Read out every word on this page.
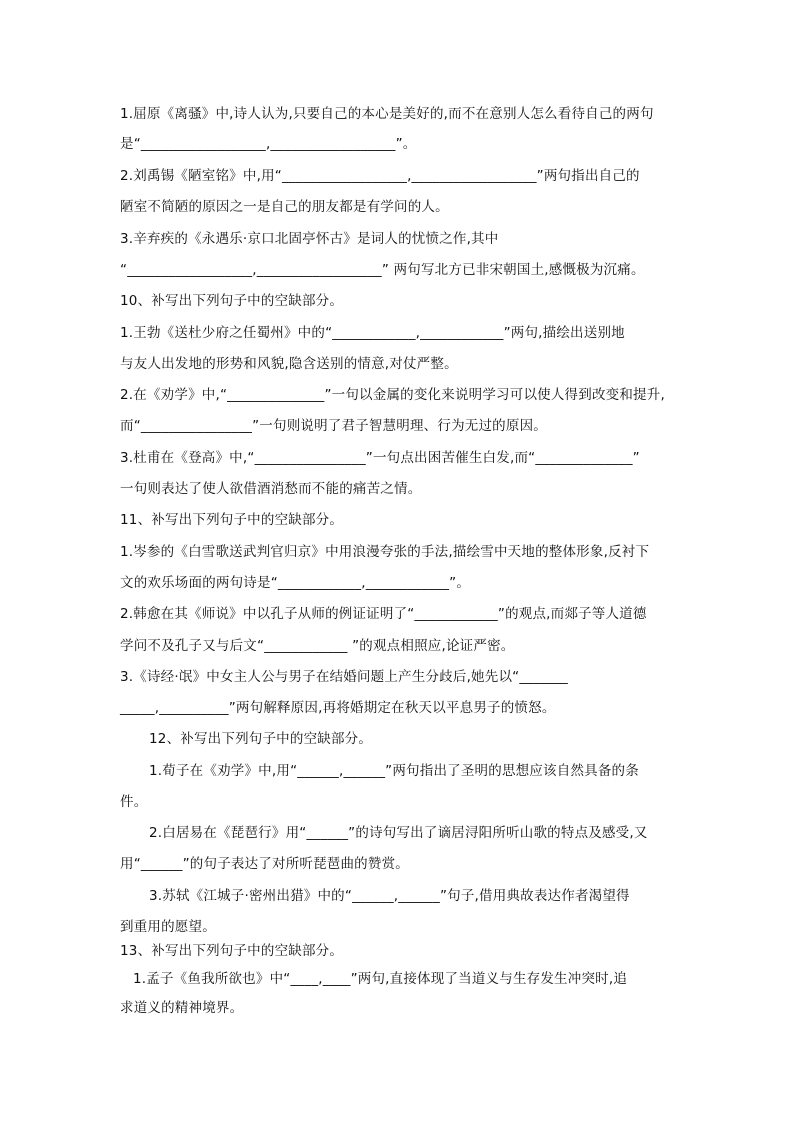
1.屈原《离骚》中,诗人认为,只要自己的本心是美好的,而不在意别人怎么看待自己的两句
是“__________________,__________________”。
2.刘禹锡《陋室铭》中,用“__________________,__________________”两句指出自己的
陋室不简陋的原因之一是自己的朋友都是有学问的人。
3.辛弃疾的《永遇乐·京口北固亭怀古》是词人的忧愤之作,其中
“__________________,__________________” 两句写北方已非宋朝国土,感慨极为沉痛。
10、补写出下列句子中的空缺部分。
1.王勃《送杜少府之任蜀州》中的“____________,____________”两句,描绘出送别地
与友人出发地的形势和风貌,隐含送别的情意,对仗严整。
2.在《劝学》中,“______________”一句以金属的变化来说明学习可以使人得到改变和提升,
而“________________”一句则说明了君子智慧明理、行为无过的原因。
3.杜甫在《登高》中,“________________”一句点出困苦催生白发,而“______________”
一句则表达了使人欲借酒消愁而不能的痛苦之情。
11、补写出下列句子中的空缺部分。
1.岑参的《白雪歌送武判官归京》中用浪漫夸张的手法,描绘雪中天地的整体形象,反衬下
文的欢乐场面的两句诗是“____________,____________”。
2.韩愈在其《师说》中以孔子从师的例证证明了“____________”的观点,而郯子等人道德
学问不及孔子又与后文“____________ ”的观点相照应,论证严密。
3.《诗经·氓》中女主人公与男子在结婚问题上产生分歧后,她先以“_______
_____,__________”两句解释原因,再将婚期定在秋天以平息男子的愤怒。
12、补写出下列句子中的空缺部分。
1.荀子在《劝学》中,用“______,______”两句指出了圣明的思想应该自然具备的条
件。
2.白居易在《琵琶行》用“______”的诗句写出了谪居浔阳所听山歌的特点及感受,又
用“______”的句子表达了对所听琵琶曲的赞赏。
3.苏轼《江城子·密州出猎》中的“______,______”句子,借用典故表达作者渴望得
到重用的愿望。
13、补写出下列句子中的空缺部分。
1.孟子《鱼我所欲也》中“____,____”两句,直接体现了当道义与生存发生冲突时,追
求道义的精神境界。
